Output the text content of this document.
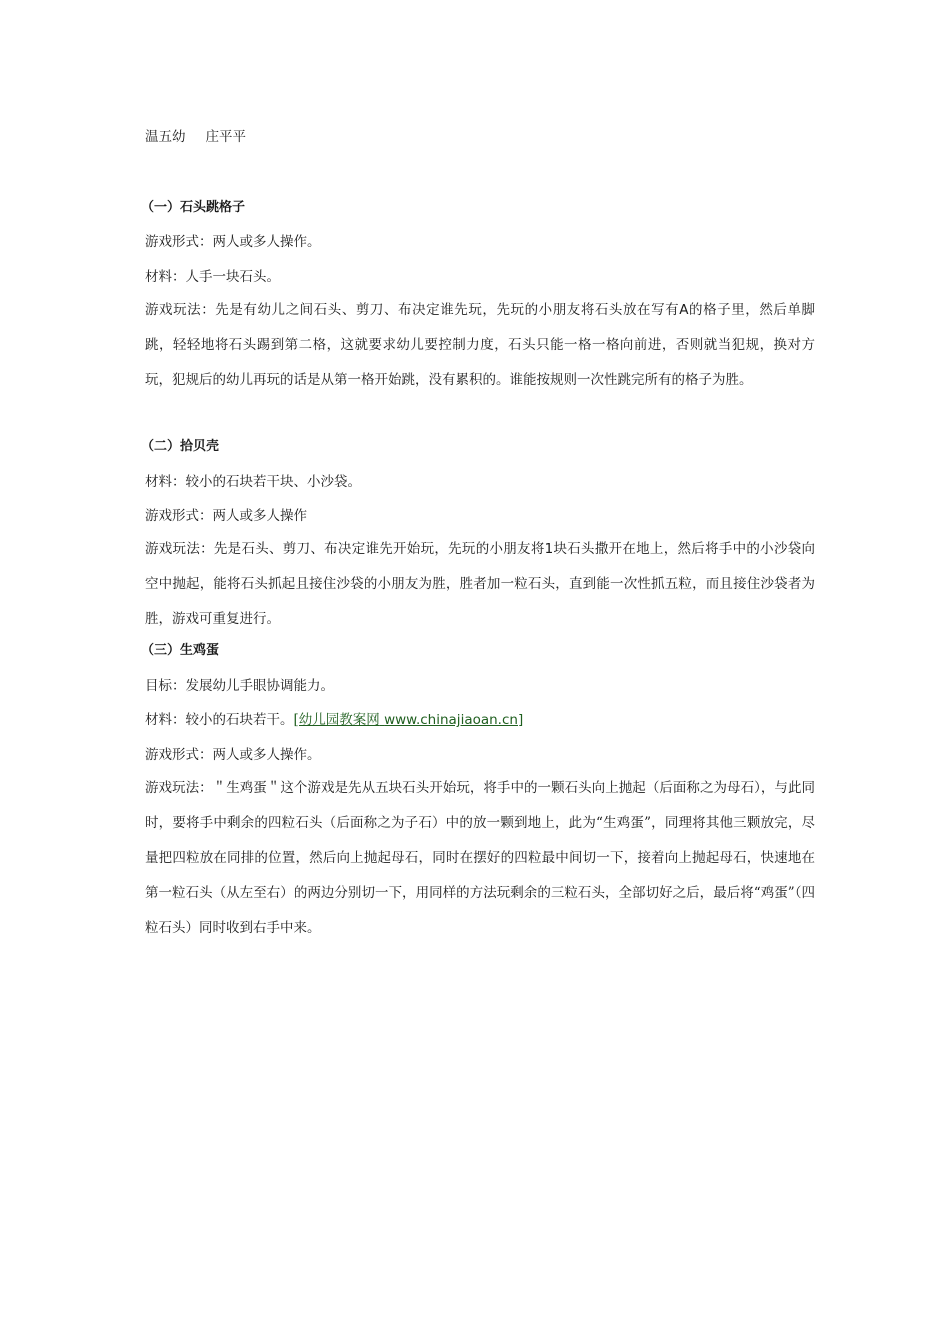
温五幼 庄平平
（一）石头跳格子
游戏形式：两人或多人操作。
材料：人手一块石头。
游戏玩法：先是有幼儿之间石头、剪刀、布决定谁先玩，先玩的小朋友将石头放在写有A的格子里，然后单脚跳，轻轻地将石头踢到第二格，这就要求幼儿要控制力度，石头只能一格一格向前进，否则就当犯规，换对方玩，犯规后的幼儿再玩的话是从第一格开始跳，没有累积的。谁能按规则一次性跳完所有的格子为胜。
（二）拾贝壳
材料：较小的石块若干块、小沙袋。
游戏形式：两人或多人操作
游戏玩法：先是石头、剪刀、布决定谁先开始玩，先玩的小朋友将1块石头撒开在地上，然后将手中的小沙袋向空中抛起，能将石头抓起且接住沙袋的小朋友为胜，胜者加一粒石头，直到能一次性抓五粒，而且接住沙袋者为胜，游戏可重复进行。
（三）生鸡蛋
目标：发展幼儿手眼协调能力。
材料：较小的石块若干。[幼儿园教案网 www.chinajiaoan.cn]
游戏形式：两人或多人操作。
游戏玩法：＂生鸡蛋＂这个游戏是先从五块石头开始玩，将手中的一颗石头向上抛起（后面称之为母石），与此同时，要将手中剩余的四粒石头（后面称之为子石）中的放一颗到地上，此为“生鸡蛋”，同理将其他三颗放完，尽量把四粒放在同排的位置，然后向上抛起母石，同时在摆好的四粒最中间切一下，接着向上抛起母石，快速地在第一粒石头（从左至右）的两边分别切一下，用同样的方法玩剩余的三粒石头，全部切好之后，最后将“鸡蛋”（四粒石头）同时收到右手中来。
